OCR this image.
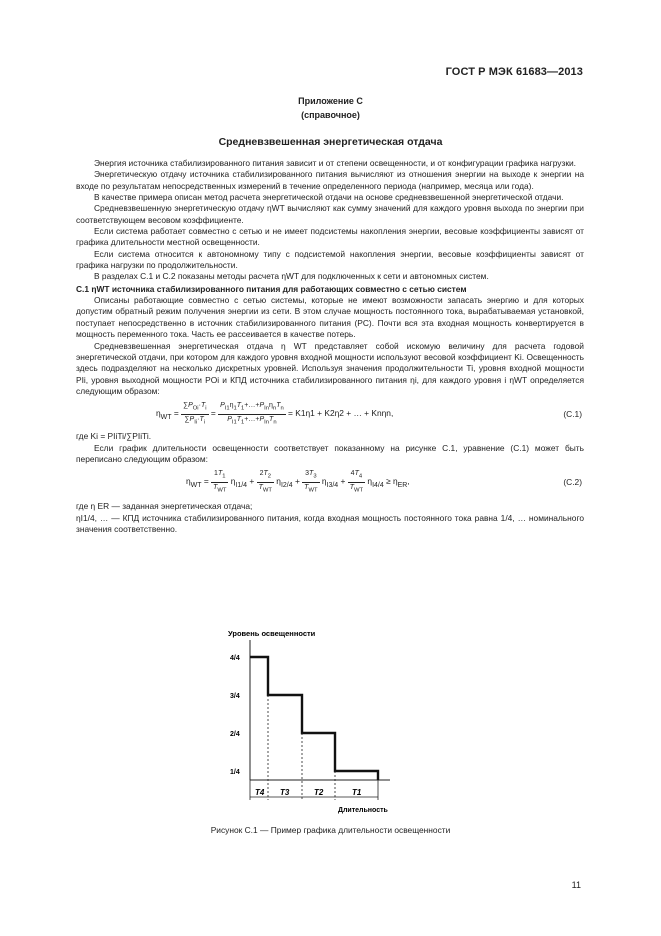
ГОСТ Р МЭК 61683—2013
Приложение С
(справочное)
Средневзвешенная энергетическая отдача

Энергия источника стабилизированного питания зависит и от степени освещенности, и от конфигурации графика нагрузки.

Энергетическую отдачу источника стабилизированного питания вычисляют из отношения энергии на выходе к энергии на входе по результатам непосредственных измерений в течение определенного периода (например, месяца или года).

В качестве примера описан метод расчета энергетической отдачи на основе средневзвешенной энергетической отдачи.

Средневзвешенную энергетическую отдачу ηWT вычисляют как сумму значений для каждого уровня выхода по энергии при соответствующем весовом коэффициенте.

Если система работает совместно с сетью и не имеет подсистемы накопления энергии, весовые коэффициенты зависят от графика длительности местной освещенности.

Если система относится к автономному типу с подсистемой накопления энергии, весовые коэффициенты зависят от графика нагрузки по продолжительности.

В разделах С.1 и С.2 показаны методы расчета ηWT для подключенных к сети и автономных систем.

С.1 ηWT источника стабилизированного питания для работающих совместно с сетью систем

Описаны работающие совместно с сетью системы, которые не имеют возможности запасать энергию и для которых допустим обратный режим получения энергии из сети. В этом случае мощность постоянного тока, вырабатываемая установкой, поступает непосредственно в источник стабилизированного питания (PC). Почти вся эта входная мощность конвертируется в мощность переменного тока. Часть ее рассеивается в качестве потерь.

Средневзвешенная энергетическая отдача η WT представляет собой искомую величину для расчета годовой энергетической отдачи, при котором для каждого уровня входной мощности используют весовой коэффициент Ki. Освещенность здесь подразделяют на несколько дискретных уровней. Используя значения продолжительности Ti, уровня входной мощности PIi, уровня выходной мощности POi и КПД источника стабилизированного питания ηi, для каждого уровня i ηWT определяется следующим образом:

$\eta_{WT}$ =
$\sum P_{Oi}\cdot T_i$
$\sum P_{Ii}\cdot T_i$
=
$P_{I1}\eta_1T_1+\dots+P_{In}\eta_nT_n$
$P_{I1}T_1+\dots+P_{In}T_n$
= K1η1 + K2η2 + … + Knηn,	(С.1)

где Ki = PIiTi/∑PIiTi.

Если график длительности освещенности соответствует показанному на рисунке С.1, уравнение (С.1) может быть переписано следующим образом:

$\eta_{WT}$ =
$1T_1$
$T_{WT}$
$\eta_{I1/4}$ +
$2T_2$
$T_{WT}$
$\eta_{I2/4}$ +
$3T_3$
$T_{WT}$
$\eta_{I3/4}$ +
$4T_4$
$T_{WT}$
$\eta_{I4/4} \ge \eta_{ER}$,	(С.2)
где η ER — заданная энергетическая отдача;
ηI1/4, … — КПД источника стабилизированного питания, когда входная мощность постоянного тока равна 1/4, … номинального значения соответственно.
Уровень освещенности
4/4
3/4
2/4
1/4
T4 T3	T2	T1
Длительность
Рисунок С.1 — Пример графика длительности освещенности
11
